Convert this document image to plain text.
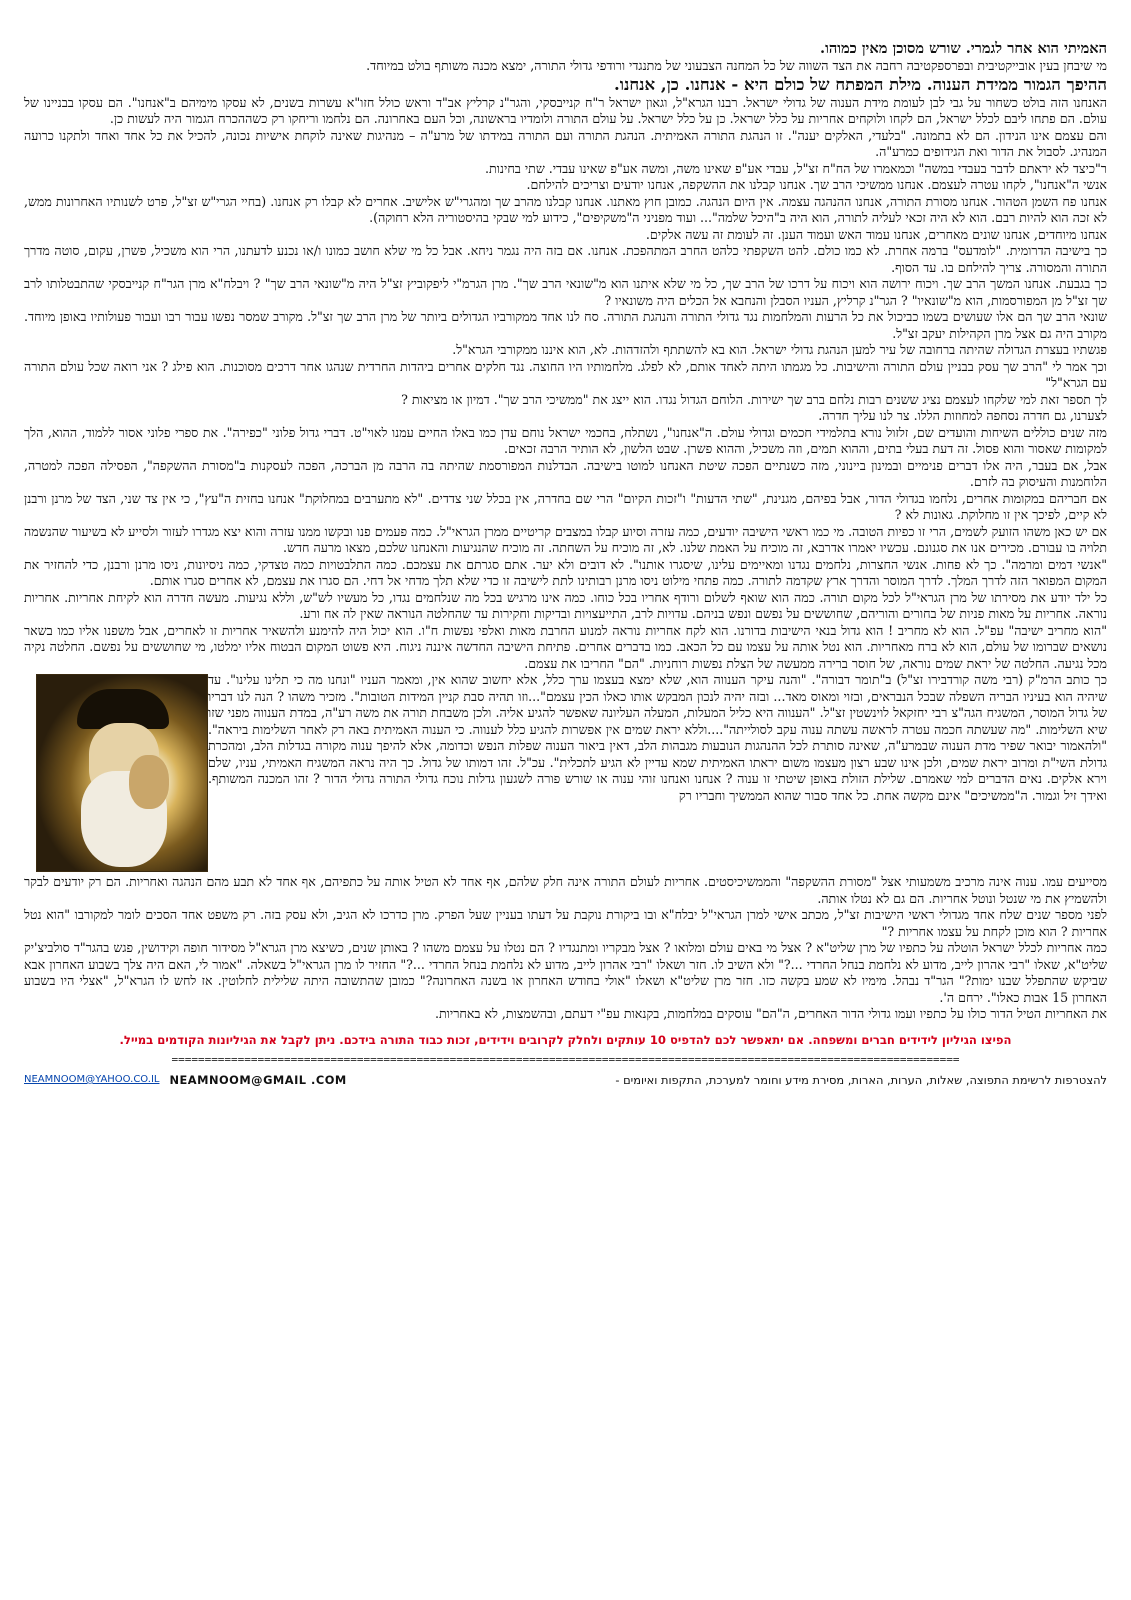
האמיתי הוא אחר לגמרי. שורש מסוכן מאין כמוהו.

מי שיבחן בעין אובייקטיבית ובפרספקטיבה רחבה את הצד השווה של כל המחנה הצבעוני של מתנגדי ורודפי גדולי התורה, ימצא מכנה משותף בולט במיוחד.

ההיפך הגמור ממידת הענוה. מילת המפתח של כולם היא - אנחנו. כן, אנחנו.

האנחנו הזה בולט כשחור על גבי לבן לעומת מידת הענוה של גדולי ישראל. רבנו הגרא"ל, וגאון ישראל ר"ח קנייבסקי, והגר"נ קרליץ אב"ד וראש כולל חזו"א עשרות בשנים, לא עסקו מימיהם ב"אנחנו". הם עסקו בבניינו של עולם. הם פתחו ליבם לכלל ישראל, הם לקחו ולוקחים אחריות על כלל ישראל. כן על כלל ישראל. על עולם התורה ולומדיו בראשונה, וכל העם באחרונה. הם נלחמו וריחקו רק כשההכרח הגמור היה לעשות כן.

והם עצמם אינו הנידון. הם לא בתמונה. "בלעדי, האלקים יענה". זו הנהגת התורה האמיתית. הנהגת התורה ועם התורה במידתו של מרע"ה – מנהיגות שאינה לוקחת אישיות נכונה, להכיל את כל אחד ואחד ולתקנו כרועה המנהיג. לסבול את הדור ואת הגידופים כמרע"ה.

ר"כיצד לא יראתם לדבר בעבדי במשה" וכמאמרו של הח"ח זצ"ל, עבדי אע"פ שאינו משה, ומשה אע"פ שאינו עבדי. שתי בחינות.

אנשי ה"אנחנו", לקחו עטרה לעצמם. אנחנו ממשיכי הרב שך. אנחנו קבלנו את ההשקפה, אנחנו יודעים וצריכים להילחם.

אנחנו פח השמן הטהור. אנחנו מסורת התורה, אנחנו ההנהגה עצמה. אין היום הנהגה. כמובן חוץ מאתנו. אנחנו קבלנו מהרב שך ומהגרי"ש אלישיב. אחרים לא קבלו רק אנחנו. (בחיי הגרי"ש זצ"ל, פרט לשנותיו האחרונות ממש, לא זכה הוא להיות רבם. הוא לא היה זכאי לעליה לתורה, הוא היה ב"היכל שלמה"... ועוד מפניני ה"משקיפים", כידוע למי שבקי בהיסטוריה הלא רחוקה).

אנחנו מיוחדים, אנחנו שונים מאחרים, אנחנו עמוד האש ועמוד הענן. זה לעומת זה עשה אלקים.

כך בישיבה הדרומית. "לומדעס" ברמה אחרת. לא כמו כולם. להט השקפתי כלהט החרב המתהפכת. אנחנו. אם בזה היה נגמר ניחא. אבל כל מי שלא חושב כמונו ו/או נכנע לדעתנו, הרי הוא משכיל, פשרן, עקום, סוטה מדרך התורה והמסורה. צריך להילחם בו. עד הסוף.

כך בגבעת. אנחנו המשך הרב שך. ויכוח ירושה הוא ויכוח על דרכו של הרב שך, כל מי שלא איתנו הוא מ"שונאי הרב שך". מרן הגרמ"י ליפקוביץ זצ"ל היה מ"שונאי הרב שך" ? ויבלח"א מרן הגר"ח קנייבסקי שהתבטלותו לרב שך זצ"ל מן המפורסמות, הוא מ"שונאיו" ? הגר"נ קרליץ, העניו הסבלן והנחבא אל הכלים היה משונאיו ?

שונאי הרב שך הם אלו שעושים בשמו כביכול את כל הרעות והמלחמות נגד גדולי התורה והנהגת התורה. סח לנו אחד ממקורביו הגדולים ביותר של מרן הרב שך זצ"ל. מקורב שמסר נפשו עבור רבו ועבור פעולותיו באופן מיוחד. מקורב היה גם אצל מרן הקהילות יעקב זצ"ל.

פגשתיו בעצרת הגדולה שהיתה ברחובה של עיר למען הנהגת גדולי ישראל. הוא בא להשתתף ולהזדהות. לא, הוא איננו ממקורבי הגרא"ל.

וכך אמר לי "הרב שך עסק בבניין עולם התורה והישיבות. כל מגמתו היתה לאחד אותם, לא לפלג. מלחמותיו היו החוצה. נגד חלקים אחרים ביהדות החרדית שנהגו אחר דרכים מסוכנות. הוא פילג ? אני רואה שכל עולם התורה עם הגרא"ל"

לך תספר זאת למי שלקחו לעצמם נציג ששנים רבות נלחם ברב שך ישירות. הלוחם הגדול נגדו. הוא ייצג את "ממשיכי הרב שך". דמיון או מציאות ?

לצערנו, גם חדרה נסחפה למחוזות הללו. צר לנו עליך חדרה.

מזה שנים כוללים השיחות והועדים שם, זלזול נורא בתלמידי חכמים וגדולי עולם. ה"אנחנו", נשתלח, בחכמי ישראל נוחם עדן כמו באלו החיים עמנו לאוי"ט. דברי גדול פלוני "כפירה". את ספרי פלוני אסור ללמוד, ההוא, הלך למקומות שאסור והוא פסול. זה דעת בעלי בתים, וההוא תמים, וזה משכיל, וההוא פשרן. שבט הלשון, לא הותיר הרבה זכאים.

אבל, אם בעבר, היה אלו דברים פנימיים ובמינון ביינוני, מזה כשנתיים הפכה שיטת האנחנו למוטו בישיבה. הבדלנות המפורסמת שהיתה בה הרבה מן הברכה, הפכה לעסקנות ב"מסורת ההשקפה", הפסילה הפכה למטרה, הלוחמנות והעיסוק בה לזרם.

אם חבריהם במקומות אחרים, נלחמו בגדולי הדור, אבל בפיהם, מגנינת, "שתי הדעות" ו"זכות הקיום" הרי שם בחדרה, אין בכלל שני צדדים. "לא מתערבים במחלוקת" אנחנו בחזית ה"עץ", כי אין צד שני, הצד של מרנן ורבנן לא קיים, לפיכך אין זו מחלוקת. גאונות לא ?

אם יש כאן משהו הזועק לשמים, הרי זו כפיות הטובה. מי כמו ראשי הישיבה יודעים, כמה עזרה וסיוע קבלו במצבים קריטיים ממרן הגראי"ל. כמה פעמים פנו ובקשו ממנו עזרה והוא יצא מגדרו לעזור ולסייע לא בשיעור שהנשמה תלויה בו עבורם. מכירים אנו את סגנונם. עכשיו יאמרו אדרבא, זה מוכיח על האמת שלנו. לא, זה מוכיח על השחתה. זה מוכיח שהנגיעות והאנחנו שלכם, מצאו מרעה חדש.

"אנשי דמים ומרמה". כך לא פחות. אנשי החצרות, נלחמים נגדנו ומאיימים עלינו, שיסגרו אותנו". לא דובים ולא יער. אתם סגרתם את עצמכם. כמה התלבטויות כמה טצדקי, כמה ניסיונות, ניסו מרנן ורבנן, כדי להחזיר את המקום המפואר הזה לדרך המלך. לדרך המוסר והדרך ארץ שקדמה לתורה. כמה פתחי מילוט ניסו מרנן רבותינו לתת לישיבה זו כדי שלא תלך מדחי אל דחי. הם סגרו את עצמם, לא אחרים סגרו אותם.

כל ילד יודע את מסירתו של מרן הגראי"ל לכל מקום תורה. כמה הוא שואף לשלום ורודף אחריו בכל כוחו. כמה אינו מרגיש בכל מה שנלחמים נגדו, כל מעשיו לש"ש, וללא נגיעות. מעשה חדרה הוא לקיחת אחריות. אחריות נוראה. אחריות על מאות פניות של בחורים והוריהם, שחוששים על נפשם ונפש בניהם. עדויות לרב, התייעצויות ובדיקות וחקירות עד שהחלטה הנוראה שאין לה אח ורע.

"הוא מחריב ישיבה" עפ"ל. הוא לא מחריב ! הוא גדול בנאי הישיבות בדורנו. הוא לקח אחריות נוראה למנוע החרבת מאות ואלפי נפשות ח"ו. הוא יכול היה להימנע ולהשאיר אחריות זו לאחרים, אבל משפנו אליו כמו בשאר נושאים שברומו של עולם, הוא לא ברח מאחריות. הוא נטל אותה על עצמו עם כל הכאב. כמו בדברים אחרים. פתיחת הישיבה החדשה איננה ניגוח. היא פשוט המקום הבטוח אליו ימלטו, מי שחוששים על נפשם. החלטה נקיה מכל נגיעה. החלטה של יראת שמים נוראה, של חוסר ברירה ממעשה של הצלת נפשות רוחניות. "הם" החריבו את עצמם.

כך כותב הרמ"ק (רבי משה קורדבירו זצ"ל) ב"תומר דבורה". "והנה עיקר הענווה הוא, שלא ימצא בעצמו ערך כלל, אלא יחשוב שהוא אין, ומאמר העניו "ונחנו מה כי תלינו עלינו". עד שיהיה הוא בעיניו הבריה השפלה שבכל הנבראים, ובזוי ומאוס מאד... ובזה יהיה לנכון המבקש אותו כאלו הכין עצמם"...וזו תהיה סבת קניין המידות הטובות". מזכיר משהו ? הנה לנו דבריו של גדול המוסר, המשגיח הגה"צ רבי יחזקאל לוינשטין זצ"ל. "הענווה היא כליל המעלות, המעלה העליונה שאפשר להגיע אליה. ולכן משבחת תורה את משה רע"ה, במדת הענווה מפני שזו שיא השלימות. "מה שעשתה חכמה עטרה לראשה עשתה ענוה עקב לסולייתה"....וללא יראת שמים אין אפשרות להגיע כלל לענווה. כי הענוה האמיתית באה רק לאחר השלימות ביראה". "ולהאמור יבואר שפיר מדת הענוה שבמרע"ה, שאינה סותרת לכל ההנהגות הנובעות מגבהות הלב, דאין ביאור הענוה שפלות הנפש וכדומה, אלא להיפך ענוה מקורה בגדלות הלב, ומהכרת גדולת השי"ת ומרוב יראת שמים, ולכן אינו שבע רצון מעצמו משום יראתו האמיתית שמא עדיין לא הגיע לתכלית". עכ"ל. זהו דמותו של גדול. כך היה נראה המשגיח האמיתי, עניו, שלם וירא אלקים. נאים הדברים למי שאמרם. שלילת הזולת באופן שיטתי זו ענוה ? אנחנו ואנחנו זוהי ענוה או שורש פורה לשגעון גדלות נוכח גדולי התורה גדולי הדור ? זהו המכנה המשותף. ואידך זיל וגמור. ה"ממשיכים" אינם מקשה אחת. כל אחד סבור שהוא הממשיך וחבריו רק

מסייעים עמו. ענוה אינה מרכיב משמעותי אצל "מסורת ההשקפה" והממשיכיסטים. אחריות לעולם התורה אינה חלק שלהם, אף אחד לא הטיל אותה על כתפיהם, אף אחד לא תבע מהם הנהגה ואחריות. הם רק יודעים לבקר ולהשמיץ את מי שנטל ונוטל אחריות. הם גם לא נטלו אותה.

לפני מספר שנים שלח אחד מגדולי ראשי הישיבות זצ"ל, מכתב אישי למרן הגראי"ל יבלח"א ובו ביקורת נוקבת על דעתו בעניין שעל הפרק. מרן כדרכו לא הגיב, ולא עסק בזה. רק משפט אחד הסכים לומר למקורבו "הוא נטל אחריות ? הוא מוכן לקחת על עצמו אחריות ?"

כמה אחריות לכלל ישראל הוטלה על כתפיו של מרן שליט"א ? אצל מי באים עולם ומלואו ? אצל מבקריו ומתנגדיו ? הם נטלו על עצמם משהו ? באותן שנים, כשיצא מרן הגרא"ל מסידור חופה וקידושין, פגש בהגר"ד סולביצ'יק שליט"א, שאלו "רבי אהרון לייב, מדוע לא נלחמת בנחל החרדי ...?" ולא השיב לו. חזר ושאלו "רבי אהרון לייב, מדוע לא נלחמת בנחל החרדי ...?" החזיר לו מרן הגראי"ל בשאלה. "אמור לי, האם היה צלך בשבוע האחרון אבא שביקש שהתפלל שבנו ימות?" הגר"ד נבהל. מימיו לא שמע בקשה כזו. חזר מרן שליט"א ושאלו "אולי בחודש האחרון או בשנה האחרונה?" כמובן שהתשובה היתה שלילית לחלוטין. אז לחש לו הגרא"ל, "אצלי היו בשבוע האחרון 15 אבות כאלו". ירחם ה'.

את האחריות הטיל הדור כולו על כתפיו ועמו גדולי הדור האחרים, ה"הם" עוסקים במלחמות, בקנאות עפ"י דעתם, ובהשמצות, לא באחריות.

הפיצו הגיליון לידידים חברים ומשפחה. אם יתאפשר לכם להדפיס 10 עותקים ולחלק לקרובים וידידים, זכות כבוד התורה בידכם. ניתן לקבל את הגיליונות הקודמים במייל.

=======================================================================================================================

להצטרפות לרשימת התפוצה, שאלות, הערות, הארות, מסירת מידע וחומר למערכת, התקפות ואיומים -
NEAMNOOM@YAHOO.CO.IL NEAMNOOM@GMAIL .COM
